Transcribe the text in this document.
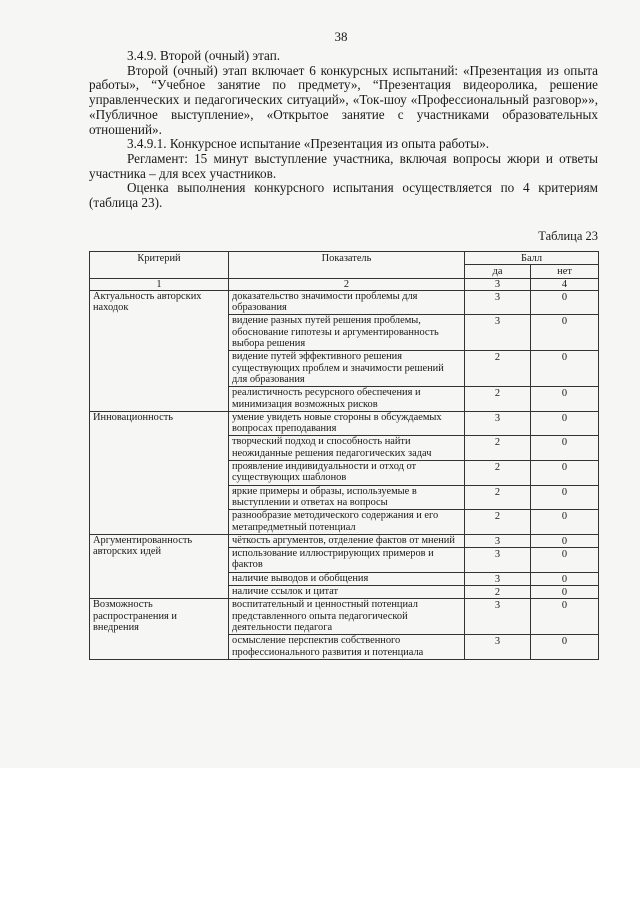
38

3.4.9. Второй (очный) этап.

Второй (очный) этап включает 6 конкурсных испытаний: «Презентация из опыта работы», “Учебное занятие по предмету», “Презентация видеоролика, решение управленческих и педагогических ситуаций», «Ток-шоу «Профессиональный разговор»», «Публичное выступление», «Открытое занятие с участниками образовательных отношений».

3.4.9.1. Конкурсное испытание «Презентация из опыта работы».

Регламент: 15 минут выступление участника, включая вопросы жюри и ответы участника – для всех участников.

Оценка выполнения конкурсного испытания осуществляется по 4 критериям (таблица 23).

Таблица 23
Критерий	Показатель	Балл	
		да	нет
1	2	3	4
Актуальность авторских находок	доказательство значимости проблемы для образования	3	0
	видение разных путей решения проблемы, обоснование гипотезы и аргументированность выбора решения	3	0
	видение путей эффективного решения существующих проблем и значимости решений для образования	2	0
	реалистичность ресурсного обеспечения и минимизация возможных рисков	2	0
Инновационность	умение увидеть новые стороны в обсуждаемых вопросах преподавания	3	0
	творческий подход и способность найти неожиданные решения педагогических задач	2	0
	проявление индивидуальности и отход от существующих шаблонов	2	0
	яркие примеры и образы, используемые в выступлении и ответах на вопросы	2	0
	разнообразие методического содержания и его метапредметный потенциал	2	0
Аргументированность авторских идей	чёткость аргументов, отделение фактов от мнений	3	0
	использование иллюстрирующих примеров и фактов	3	0
	наличие выводов и обобщения	3	0
	наличие ссылок и цитат	2	0
Возможность распространения и внедрения	воспитательный и ценностный потенциал представленного опыта педагогической деятельности педагога	3	0
	осмысление перспектив собственного профессионального развития и потенциала	3	0
